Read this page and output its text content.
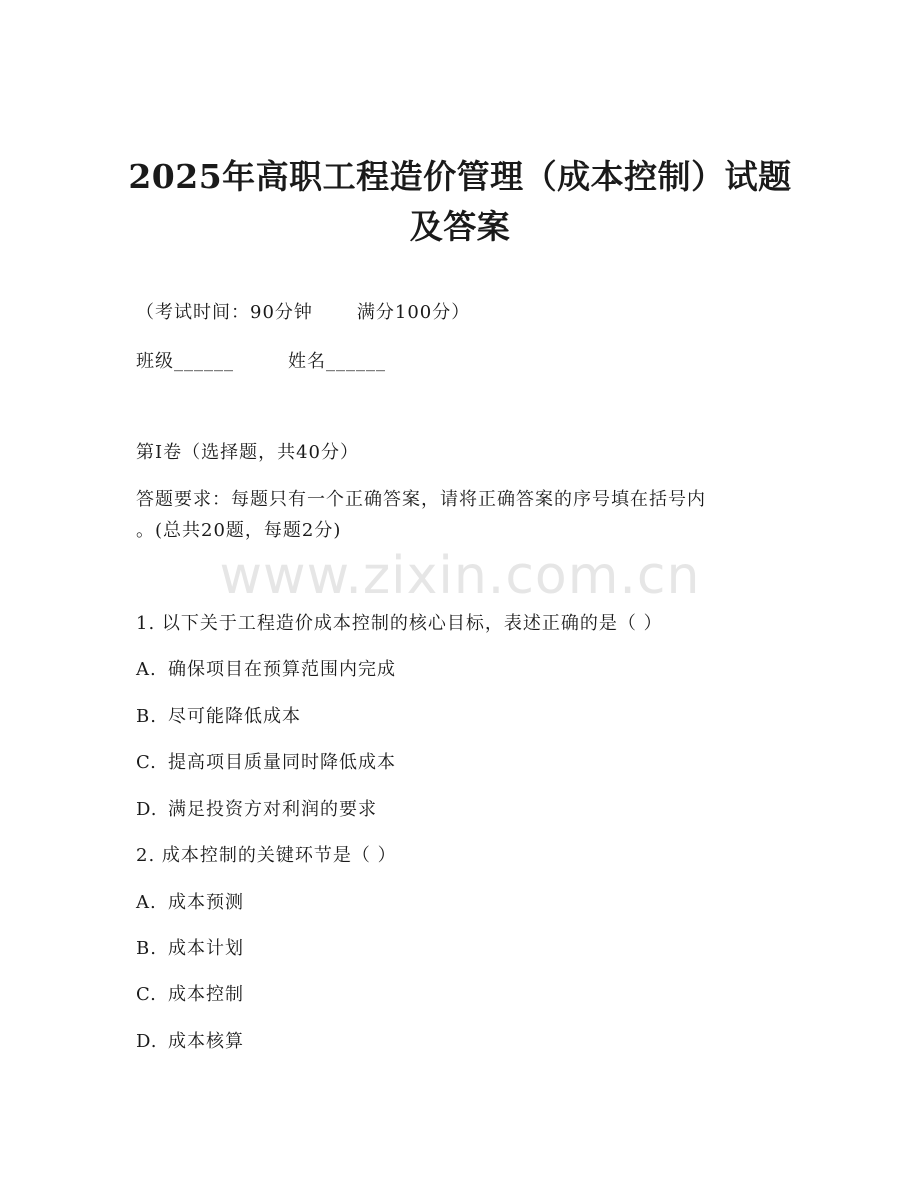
www.zixin.com.cn
2025年高职工程造价管理（成本控制）试题
及答案
（考试时间：90分钟 满分100分）
班级______	姓名______
第Ⅰ卷（选择题，共40分）
答题要求：每题只有一个正确答案，请将正确答案的序号填在括号内
。(总共20题，每题2分)
1. 以下关于工程造价成本控制的核心目标，表述正确的是（ ）
A. 确保项目在预算范围内完成
B. 尽可能降低成本
C. 提高项目质量同时降低成本
D. 满足投资方对利润的要求
2. 成本控制的关键环节是（ ）
A. 成本预测
B. 成本计划
C. 成本控制
D. 成本核算
